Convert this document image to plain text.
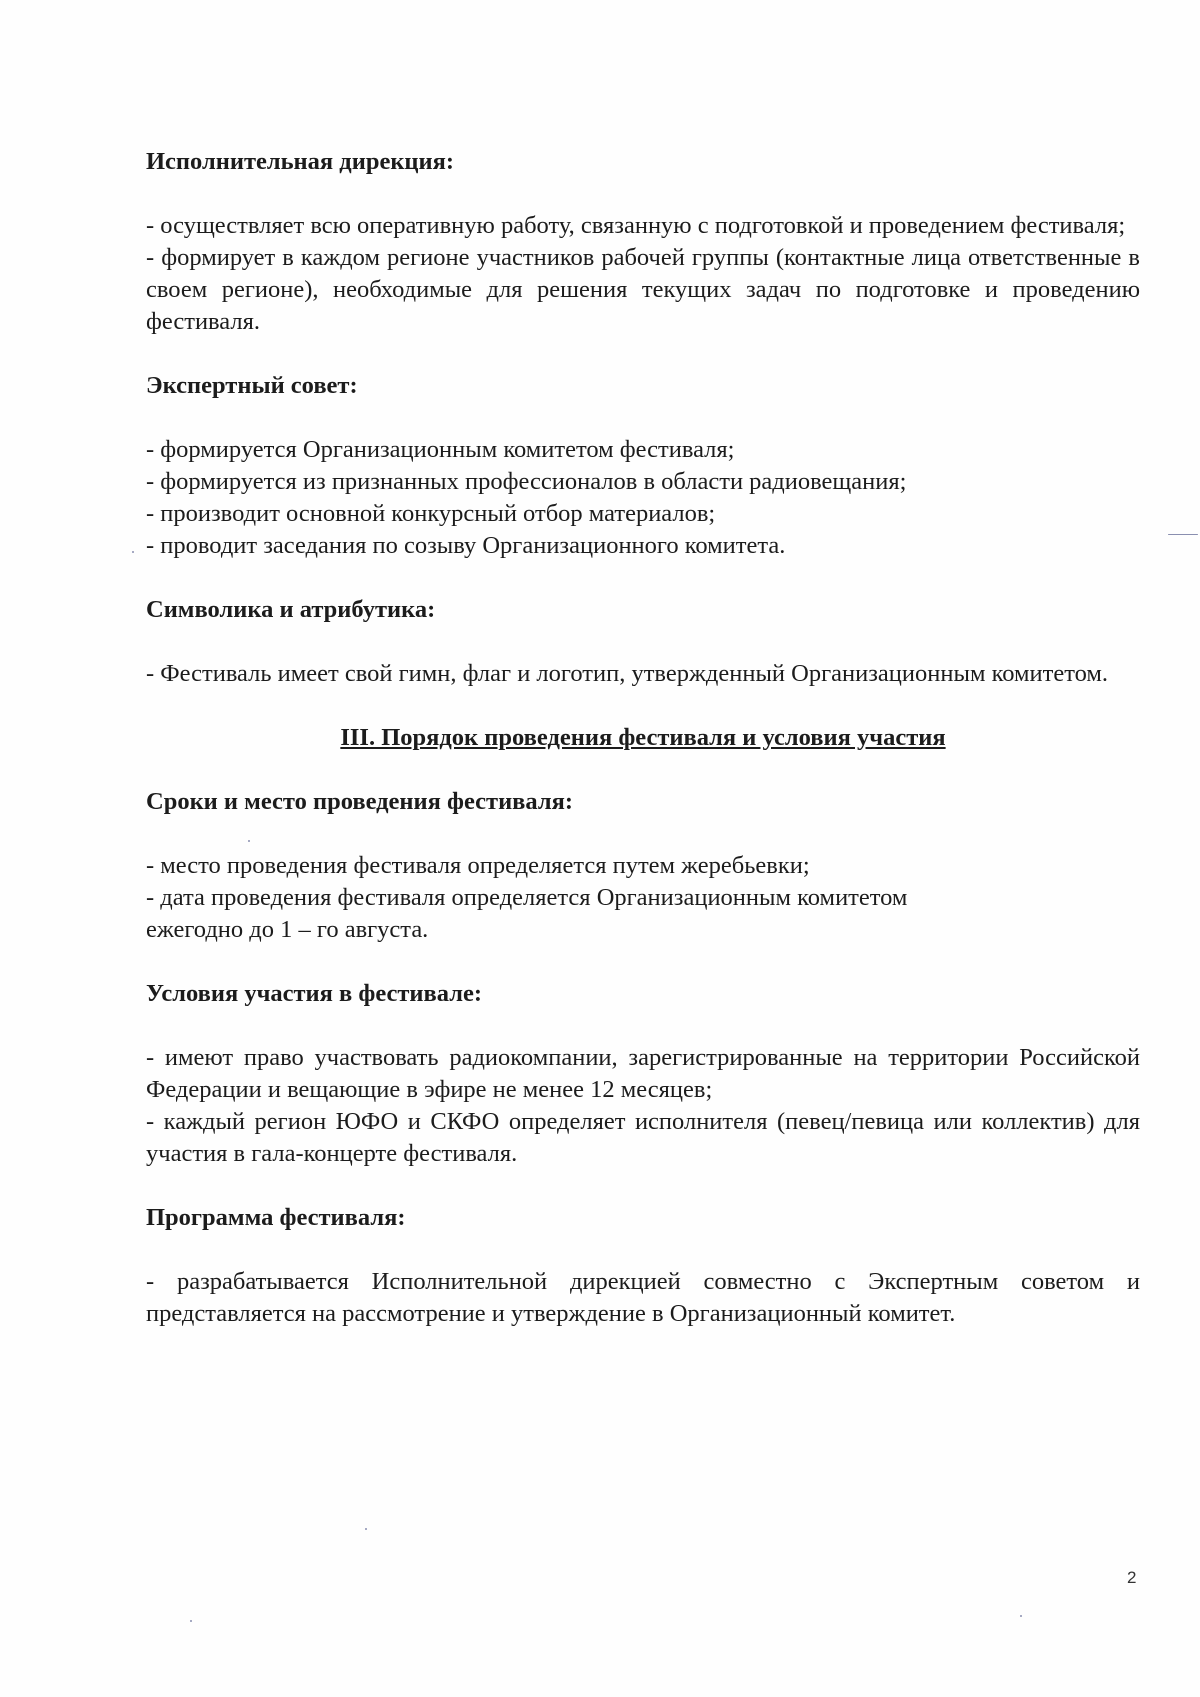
Исполнительная дирекция:

- осуществляет всю оперативную работу, связанную с подготовкой и проведением фестиваля;

- формирует в каждом регионе участников рабочей группы (контактные лица ответственные в своем регионе), необходимые для решения текущих задач по подготовке и проведению фестиваля.

Экспертный совет:

- формируется Организационным комитетом фестиваля;

- формируется из признанных профессионалов в области радиовещания;

- производит основной конкурсный отбор материалов;

- проводит заседания по созыву Организационного комитета.

Символика и атрибутика:

- Фестиваль имеет свой гимн, флаг и логотип, утвержденный Организационным комитетом.

III. Порядок проведения фестиваля и условия участия

Сроки и место проведения фестиваля:

- место проведения фестиваля определяется путем жеребьевки;

- дата проведения фестиваля определяется Организационным комитетом

ежегодно до 1 – го августа.

Условия участия в фестивале:

- имеют право участвовать радиокомпании, зарегистрированные на территории Российской Федерации и вещающие в эфире не менее 12 месяцев;

- каждый регион ЮФО и СКФО определяет исполнителя (певец/певица или коллектив) для участия в гала-концерте фестиваля.

Программа фестиваля:

- разрабатывается Исполнительной дирекцией совместно с Экспертным советом и представляется на рассмотрение и утверждение в Организационный комитет.

2
